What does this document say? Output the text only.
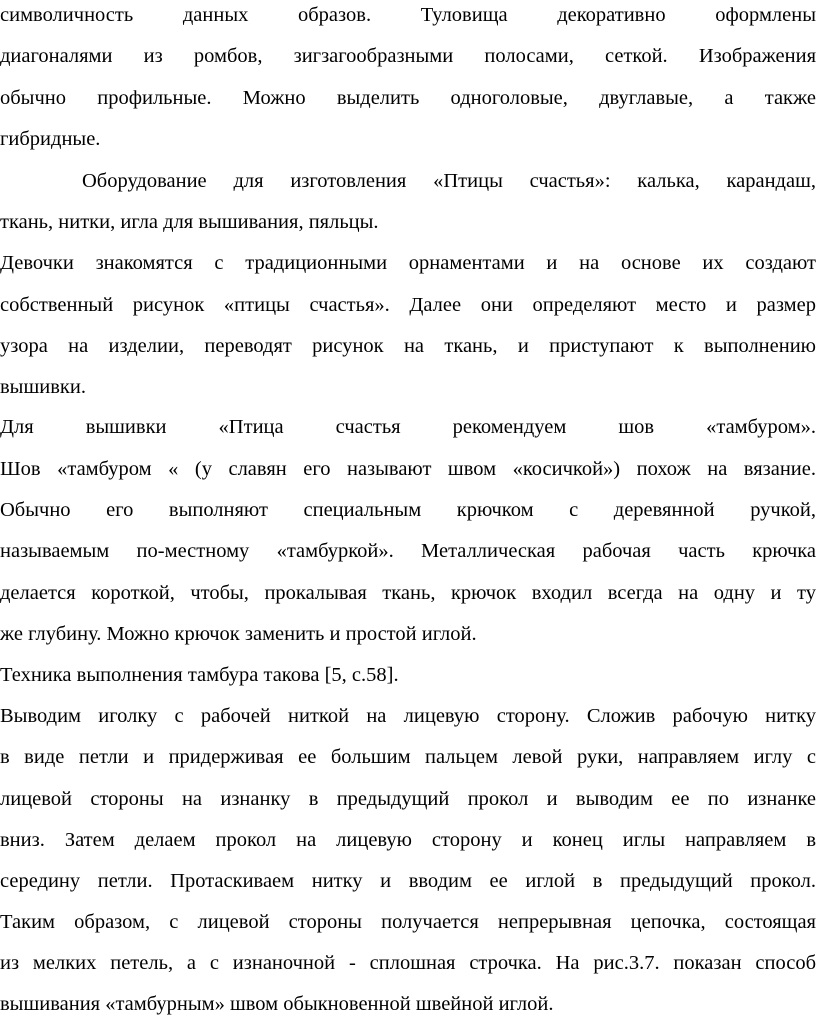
символичность данных образов. Туловища декоративно оформлены
диагоналями из ромбов, зигзагообразными полосами, сеткой. Изображения
обычно профильные. Можно выделить одноголовые, двуглавые, а также
гибридные.
Оборудование для изготовления «Птицы счастья»: калька, карандаш,
ткань, нитки, игла для вышивания, пяльцы.
Девочки знакомятся с традиционными орнаментами и на основе их создают
собственный рисунок «птицы счастья». Далее они определяют место и размер
узора на изделии, переводят рисунок на ткань, и приступают к выполнению
вышивки.
Для вышивки «Птица счастья рекомендуем шов «тамбуром».
Шов «тамбуром « (у славян его называют швом «косичкой») похож на вязание.
Обычно его выполняют специальным крючком с деревянной ручкой,
называемым по-местному «тамбуркой». Металлическая рабочая часть крючка
делается короткой, чтобы, прокалывая ткань, крючок входил всегда на одну и ту
же глубину. Можно крючок заменить и простой иглой.
Техника выполнения тамбура такова [5, с.58].
Выводим иголку с рабочей ниткой на лицевую сторону. Сложив рабочую нитку
в виде петли и придерживая ее большим пальцем левой руки, направляем иглу с
лицевой стороны на изнанку в предыдущий прокол и выводим ее по изнанке
вниз. Затем делаем прокол на лицевую сторону и конец иглы направляем в
середину петли. Протаскиваем нитку и вводим ее иглой в предыдущий прокол.
Таким образом, с лицевой стороны получается непрерывная цепочка, состоящая
из мелких петель, а с изнаночной - сплошная строчка. На рис.3.7. показан способ
вышивания «тамбурным» швом обыкновенной швейной иглой.
